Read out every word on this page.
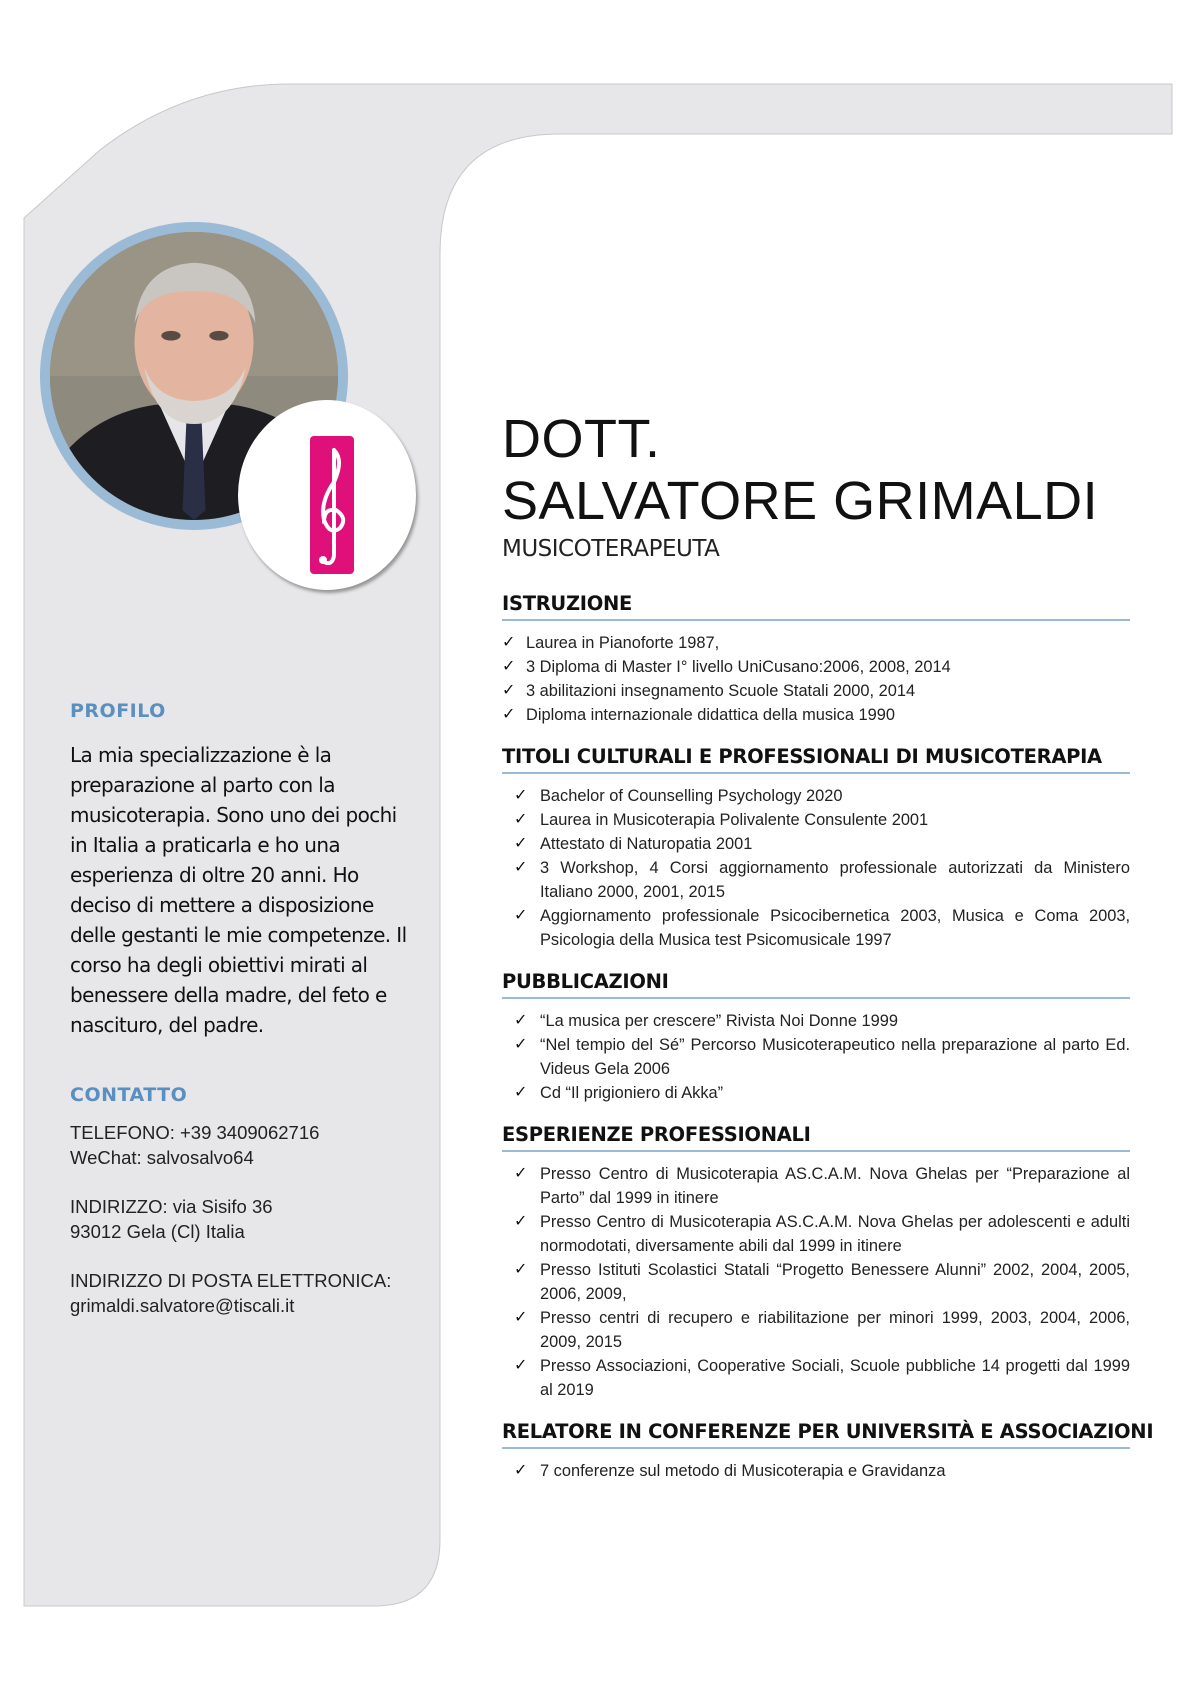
PROFILO
La mia specializzazione è la preparazione al parto con la musicoterapia. Sono uno dei pochi in Italia a praticarla e ho una esperienza di oltre 20 anni. Ho deciso di mettere a disposizione delle gestanti le mie competenze. Il corso ha degli obiettivi mirati al benessere della madre, del feto e nascituro, del padre.
CONTATTO
TELEFONO: +39 3409062716
WeChat: salvosalvo64
INDIRIZZO: via Sisifo 36
93012 Gela (Cl) Italia
INDIRIZZO DI POSTA ELETTRONICA:
grimaldi.salvatore@tiscali.it
DOTT.
SALVATORE GRIMALDI
MUSICOTERAPEUTA
ISTRUZIONE
✓ Laurea in Pianoforte 1987,
✓ 3 Diploma di Master I° livello UniCusano:2006, 2008, 2014
✓ 3 abilitazioni insegnamento Scuole Statali 2000, 2014
✓ Diploma internazionale didattica della musica 1990
TITOLI CULTURALI E PROFESSIONALI DI MUSICOTERAPIA
✓ Bachelor of Counselling Psychology 2020
✓ Laurea in Musicoterapia Polivalente Consulente 2001
✓ Attestato di Naturopatia 2001
✓ 3 Workshop, 4 Corsi aggiornamento professionale autorizzati da Ministero Italiano 2000, 2001, 2015
✓ Aggiornamento professionale Psicocibernetica 2003, Musica e Coma 2003, Psicologia della Musica test Psicomusicale 1997
PUBBLICAZIONI
✓ “La musica per crescere” Rivista Noi Donne 1999
✓ “Nel tempio del Sé” Percorso Musicoterapeutico nella preparazione al parto Ed. Videus Gela 2006
✓ Cd “Il prigioniero di Akka”
ESPERIENZE PROFESSIONALI
✓ Presso Centro di Musicoterapia AS.C.A.M. Nova Ghelas per “Preparazione al Parto” dal 1999 in itinere
✓ Presso Centro di Musicoterapia AS.C.A.M. Nova Ghelas per adolescenti e adulti normodotati, diversamente abili dal 1999 in itinere
✓ Presso Istituti Scolastici Statali “Progetto Benessere Alunni” 2002, 2004, 2005, 2006, 2009,
✓ Presso centri di recupero e riabilitazione per minori 1999, 2003, 2004, 2006, 2009, 2015
✓ Presso Associazioni, Cooperative Sociali, Scuole pubbliche 14 progetti dal 1999 al 2019
RELATORE IN CONFERENZE PER UNIVERSITÀ E ASSOCIAZIONI
✓ 7 conferenze sul metodo di Musicoterapia e Gravidanza
